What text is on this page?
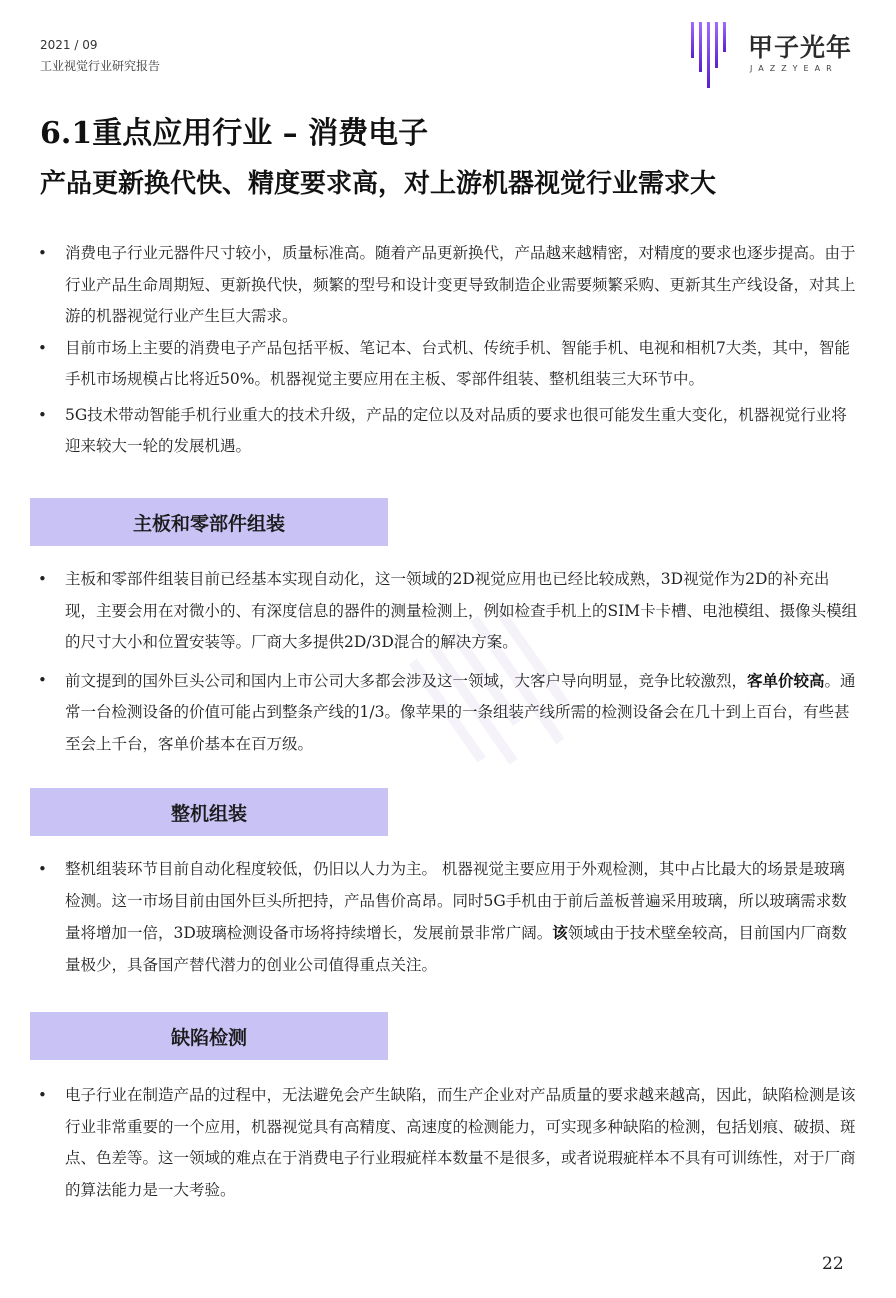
2021 / 09
工业视觉行业研究报告
甲子光年
JAZZYEAR
6.1重点应用行业 – 消费电子
产品更新换代快、精度要求高，对上游机器视觉行业需求大

• 消费电子行业元器件尺寸较小，质量标准高。随着产品更新换代，产品越来越精密，对精度的要求也逐步提高。由于行业产品生命周期短、更新换代快，频繁的型号和设计变更导致制造企业需要频繁采购、更新其生产线设备，对其上游的机器视觉行业产生巨大需求。

• 目前市场上主要的消费电子产品包括平板、笔记本、台式机、传统手机、智能手机、电视和相机7大类，其中，智能手机市场规模占比将近50%。机器视觉主要应用在主板、零部件组装、整机组装三大环节中。

• 5G技术带动智能手机行业重大的技术升级，产品的定位以及对品质的要求也很可能发生重大变化，机器视觉行业将迎来较大一轮的发展机遇。

主板和零部件组装

• 主板和零部件组装目前已经基本实现自动化，这一领域的2D视觉应用也已经比较成熟，3D视觉作为2D的补充出现，主要会用在对微小的、有深度信息的器件的测量检测上，例如检查手机上的SIM卡卡槽、电池模组、摄像头模组的尺寸大小和位置安装等。厂商大多提供2D/3D混合的解决方案。

• 前文提到的国外巨头公司和国内上市公司大多都会涉及这一领域，大客户导向明显，竞争比较激烈，客单价较高。通常一台检测设备的价值可能占到整条产线的1/3。像苹果的一条组装产线所需的检测设备会在几十到上百台，有些甚至会上千台，客单价基本在百万级。

整机组装

• 整机组装环节目前自动化程度较低，仍旧以人力为主。 机器视觉主要应用于外观检测，其中占比最大的场景是玻璃检测。这一市场目前由国外巨头所把持，产品售价高昂。同时5G手机由于前后盖板普遍采用玻璃，所以玻璃需求数量将增加一倍，3D玻璃检测设备市场将持续增长，发展前景非常广阔。该领域由于技术壁垒较高，目前国内厂商数量极少，具备国产替代潜力的创业公司值得重点关注。

缺陷检测

• 电子行业在制造产品的过程中，无法避免会产生缺陷，而生产企业对产品质量的要求越来越高，因此，缺陷检测是该行业非常重要的一个应用，机器视觉具有高精度、高速度的检测能力，可实现多种缺陷的检测，包括划痕、破损、斑点、色差等。这一领域的难点在于消费电子行业瑕疵样本数量不是很多，或者说瑕疵样本不具有可训练性，对于厂商的算法能力是一大考验。

22
